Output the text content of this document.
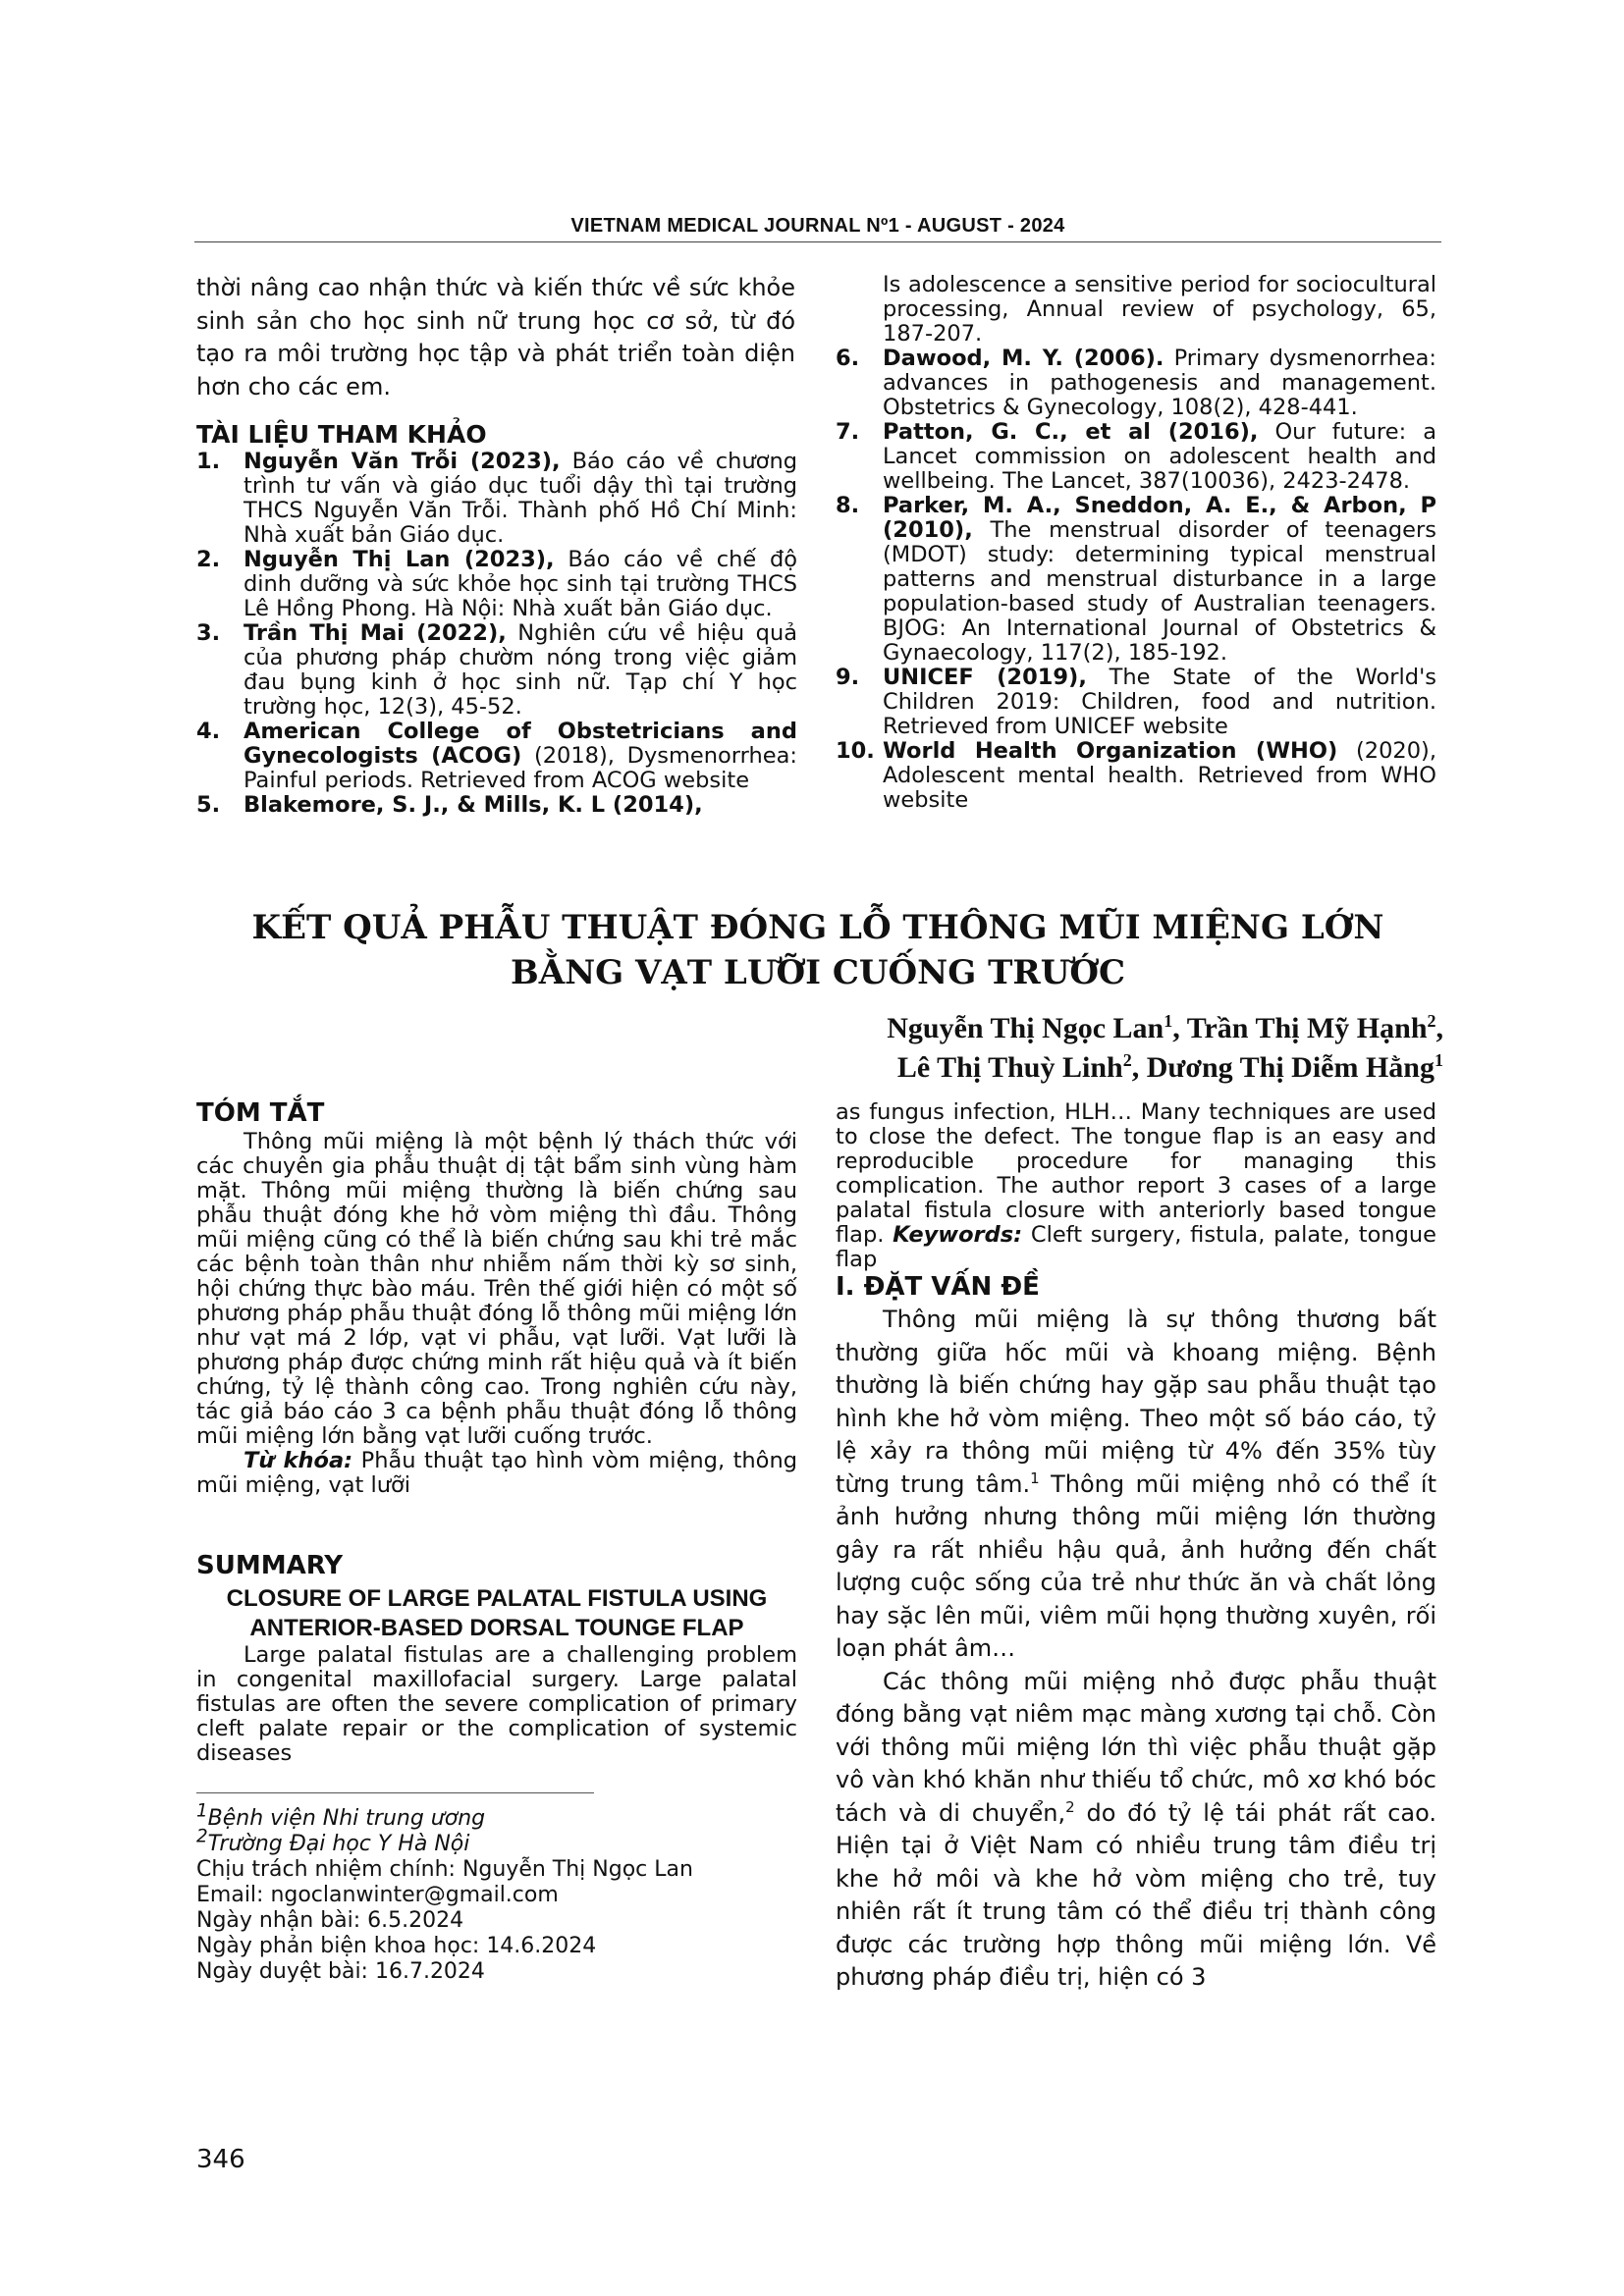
VIETNAM MEDICAL JOURNAL Nº1 - AUGUST - 2024

thời nâng cao nhận thức và kiến thức về sức khỏe sinh sản cho học sinh nữ trung học cơ sở, từ đó tạo ra môi trường học tập và phát triển toàn diện hơn cho các em.

TÀI LIỆU THAM KHẢO

1. Nguyễn Văn Trỗi (2023), Báo cáo về chương trình tư vấn và giáo dục tuổi dậy thì tại trường THCS Nguyễn Văn Trỗi. Thành phố Hồ Chí Minh: Nhà xuất bản Giáo dục.

2. Nguyễn Thị Lan (2023), Báo cáo về chế độ dinh dưỡng và sức khỏe học sinh tại trường THCS Lê Hồng Phong. Hà Nội: Nhà xuất bản Giáo dục.

3. Trần Thị Mai (2022), Nghiên cứu về hiệu quả của phương pháp chườm nóng trong việc giảm đau bụng kinh ở học sinh nữ. Tạp chí Y học trường học, 12(3), 45-52.

4. American College of Obstetricians and Gynecologists (ACOG) (2018), Dysmenorrhea: Painful periods. Retrieved from ACOG website

5. Blakemore, S. J., & Mills, K. L (2014),

Is adolescence a sensitive period for sociocultural processing, Annual review of psychology, 65, 187-207.

6. Dawood, M. Y. (2006). Primary dysmenorrhea: advances in pathogenesis and management. Obstetrics & Gynecology, 108(2), 428-441.

7. Patton, G. C., et al (2016), Our future: a Lancet commission on adolescent health and wellbeing. The Lancet, 387(10036), 2423-2478.

8. Parker, M. A., Sneddon, A. E., & Arbon, P (2010), The menstrual disorder of teenagers (MDOT) study: determining typical menstrual patterns and menstrual disturbance in a large population-based study of Australian teenagers. BJOG: An International Journal of Obstetrics & Gynaecology, 117(2), 185-192.

9. UNICEF (2019), The State of the World's Children 2019: Children, food and nutrition. Retrieved from UNICEF website

10. World Health Organization (WHO) (2020), Adolescent mental health. Retrieved from WHO website

KẾT QUẢ PHẪU THUẬT ĐÓNG LỖ THÔNG MŨI MIỆNG LỚN
BẰNG VẠT LƯỠI CUỐNG TRƯỚC
Nguyễn Thị Ngọc Lan$^1$, Trần Thị Mỹ Hạnh$^2$,
Lê Thị Thuỳ Linh$^2$, Dương Thị Diễm Hằng$^1$

TÓM TẮT

Thông mũi miệng là một bệnh lý thách thức với các chuyên gia phẫu thuật dị tật bẩm sinh vùng hàm mặt. Thông mũi miệng thường là biến chứng sau phẫu thuật đóng khe hở vòm miệng thì đầu. Thông mũi miệng cũng có thể là biến chứng sau khi trẻ mắc các bệnh toàn thân như nhiễm nấm thời kỳ sơ sinh, hội chứng thực bào máu. Trên thế giới hiện có một số phương pháp phẫu thuật đóng lỗ thông mũi miệng lớn như vạt má 2 lớp, vạt vi phẫu, vạt lưỡi. Vạt lưỡi là phương pháp được chứng minh rất hiệu quả và ít biến chứng, tỷ lệ thành công cao. Trong nghiên cứu này, tác giả báo cáo 3 ca bệnh phẫu thuật đóng lỗ thông mũi miệng lớn bằng vạt lưỡi cuống trước.

Từ khóa: Phẫu thuật tạo hình vòm miệng, thông mũi miệng, vạt lưỡi

SUMMARY

CLOSURE OF LARGE PALATAL FISTULA USING
ANTERIOR-BASED DORSAL TOUNGE FLAP

Large palatal fistulas are a challenging problem in congenital maxillofacial surgery. Large palatal fistulas are often the severe complication of primary cleft palate repair or the complication of systemic diseases

$^1$Bệnh viện Nhi trung ương

$^2$Trường Đại học Y Hà Nội

Chịu trách nhiệm chính: Nguyễn Thị Ngọc Lan

Email: ngoclanwinter@gmail.com

Ngày nhận bài: 6.5.2024

Ngày phản biện khoa học: 14.6.2024

Ngày duyệt bài: 16.7.2024

as fungus infection, HLH… Many techniques are used to close the defect. The tongue flap is an easy and reproducible procedure for managing this complication. The author report 3 cases of a large palatal fistula closure with anteriorly based tongue flap. Keywords: Cleft surgery, fistula, palate, tongue flap

I. ĐẶT VẤN ĐỀ

Thông mũi miệng là sự thông thương bất thường giữa hốc mũi và khoang miệng. Bệnh thường là biến chứng hay gặp sau phẫu thuật tạo hình khe hở vòm miệng. Theo một số báo cáo, tỷ lệ xảy ra thông mũi miệng từ 4% đến 35% tùy từng trung tâm.$^1$ Thông mũi miệng nhỏ có thể ít ảnh hưởng nhưng thông mũi miệng lớn thường gây ra rất nhiều hậu quả, ảnh hưởng đến chất lượng cuộc sống của trẻ như thức ăn và chất lỏng hay sặc lên mũi, viêm mũi họng thường xuyên, rối loạn phát âm…

Các thông mũi miệng nhỏ được phẫu thuật đóng bằng vạt niêm mạc màng xương tại chỗ. Còn với thông mũi miệng lớn thì việc phẫu thuật gặp vô vàn khó khăn như thiếu tổ chức, mô xơ khó bóc tách và di chuyển,$^2$ do đó tỷ lệ tái phát rất cao. Hiện tại ở Việt Nam có nhiều trung tâm điều trị khe hở môi và khe hở vòm miệng cho trẻ, tuy nhiên rất ít trung tâm có thể điều trị thành công được các trường hợp thông mũi miệng lớn. Về phương pháp điều trị, hiện có 3

346
